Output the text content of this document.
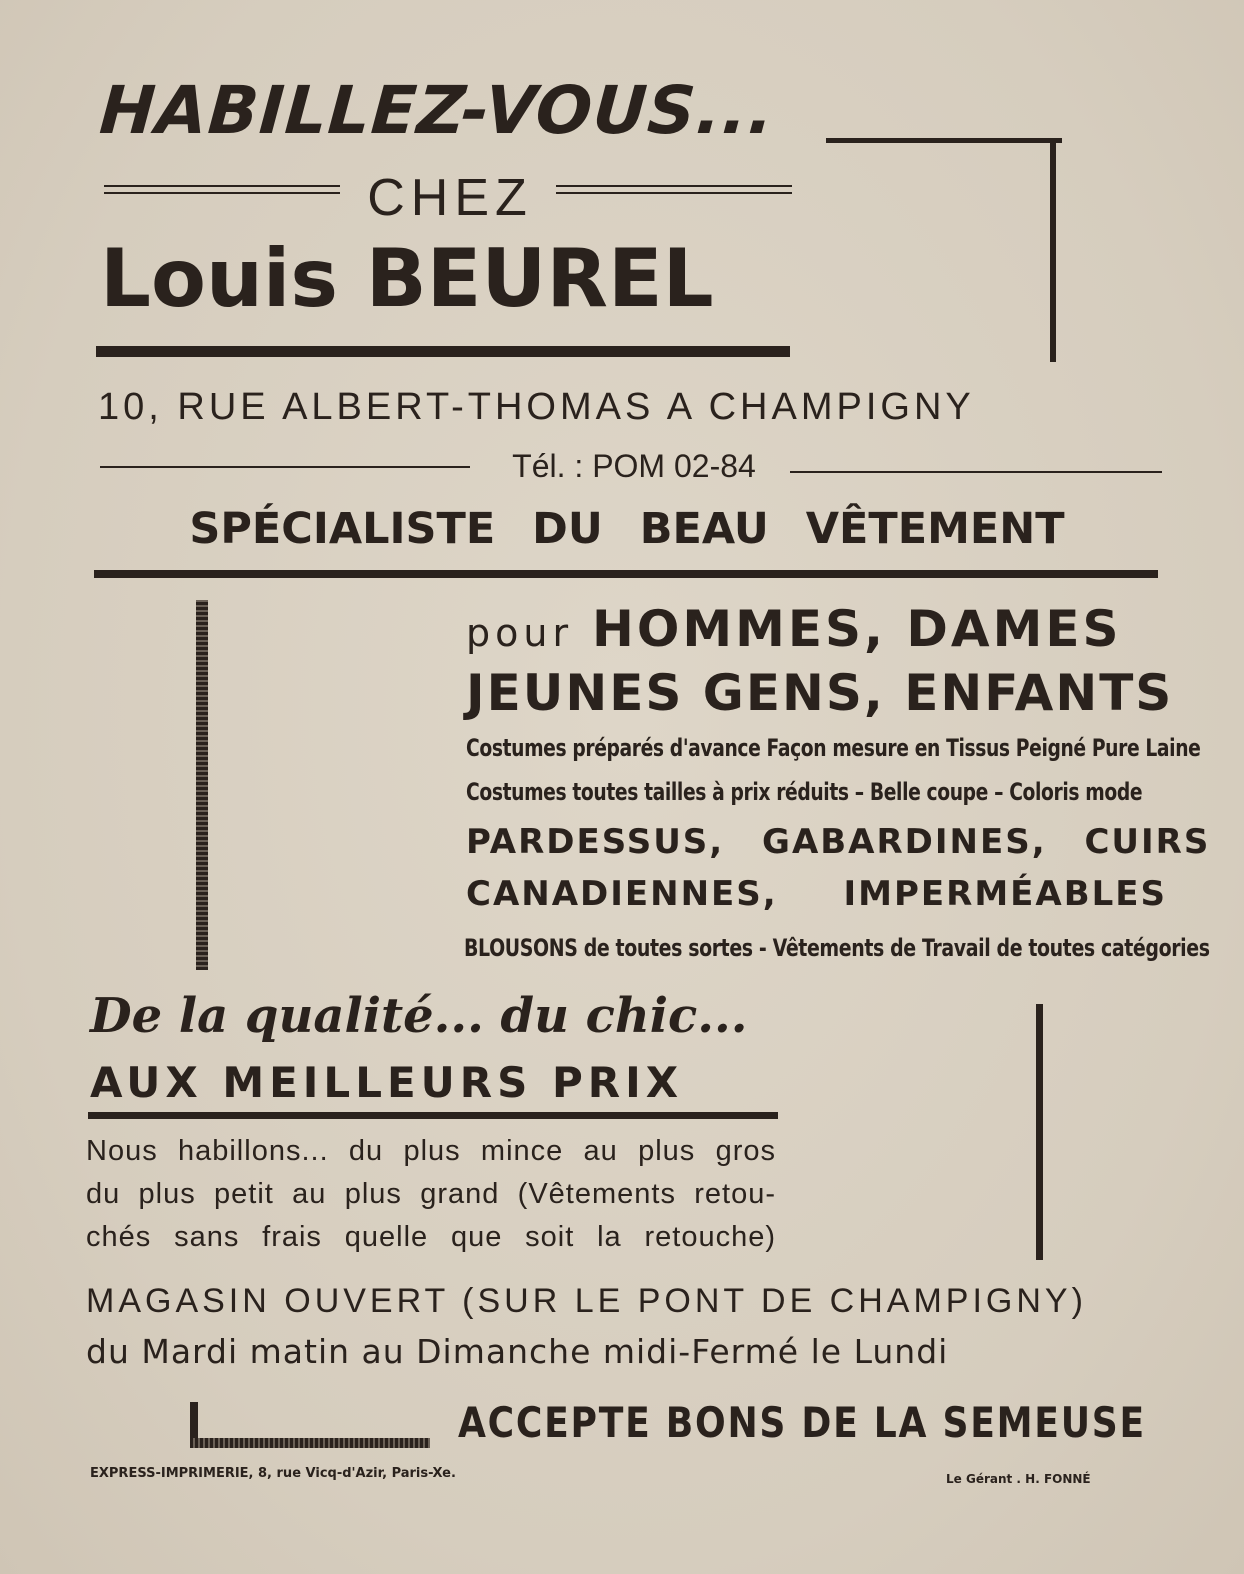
HABILLEZ-VOUS...
CHEZ
Louis BEUREL
10, RUE ALBERT-THOMAS A CHAMPIGNY
Tél. : POM 02-84
SPÉCIALISTE DU BEAU VÊTEMENT
pour HOMMES, DAMES
JEUNES GENS, ENFANTS
Costumes préparés d'avance Façon mesure en Tissus Peigné Pure Laine
Costumes toutes tailles à prix réduits – Belle coupe – Coloris mode
PARDESSUS, GABARDINES, CUIRS
CANADIENNES, IMPERMÉABLES
BLOUSONS de toutes sortes - Vêtements de Travail de toutes catégories
De la qualité... du chic...
AUX MEILLEURS PRIX
Nous habillons... du plus mince au plus gros
du plus petit au plus grand (Vêtements retou-
chés sans frais quelle que soit la retouche)
MAGASIN OUVERT (SUR LE PONT DE CHAMPIGNY)
du Mardi matin au Dimanche midi-Fermé le Lundi
ACCEPTE BONS DE LA SEMEUSE
EXPRESS-IMPRIMERIE, 8, rue Vicq-d'Azir, Paris-Xe.	Le Gérant . H. FONNÉ
